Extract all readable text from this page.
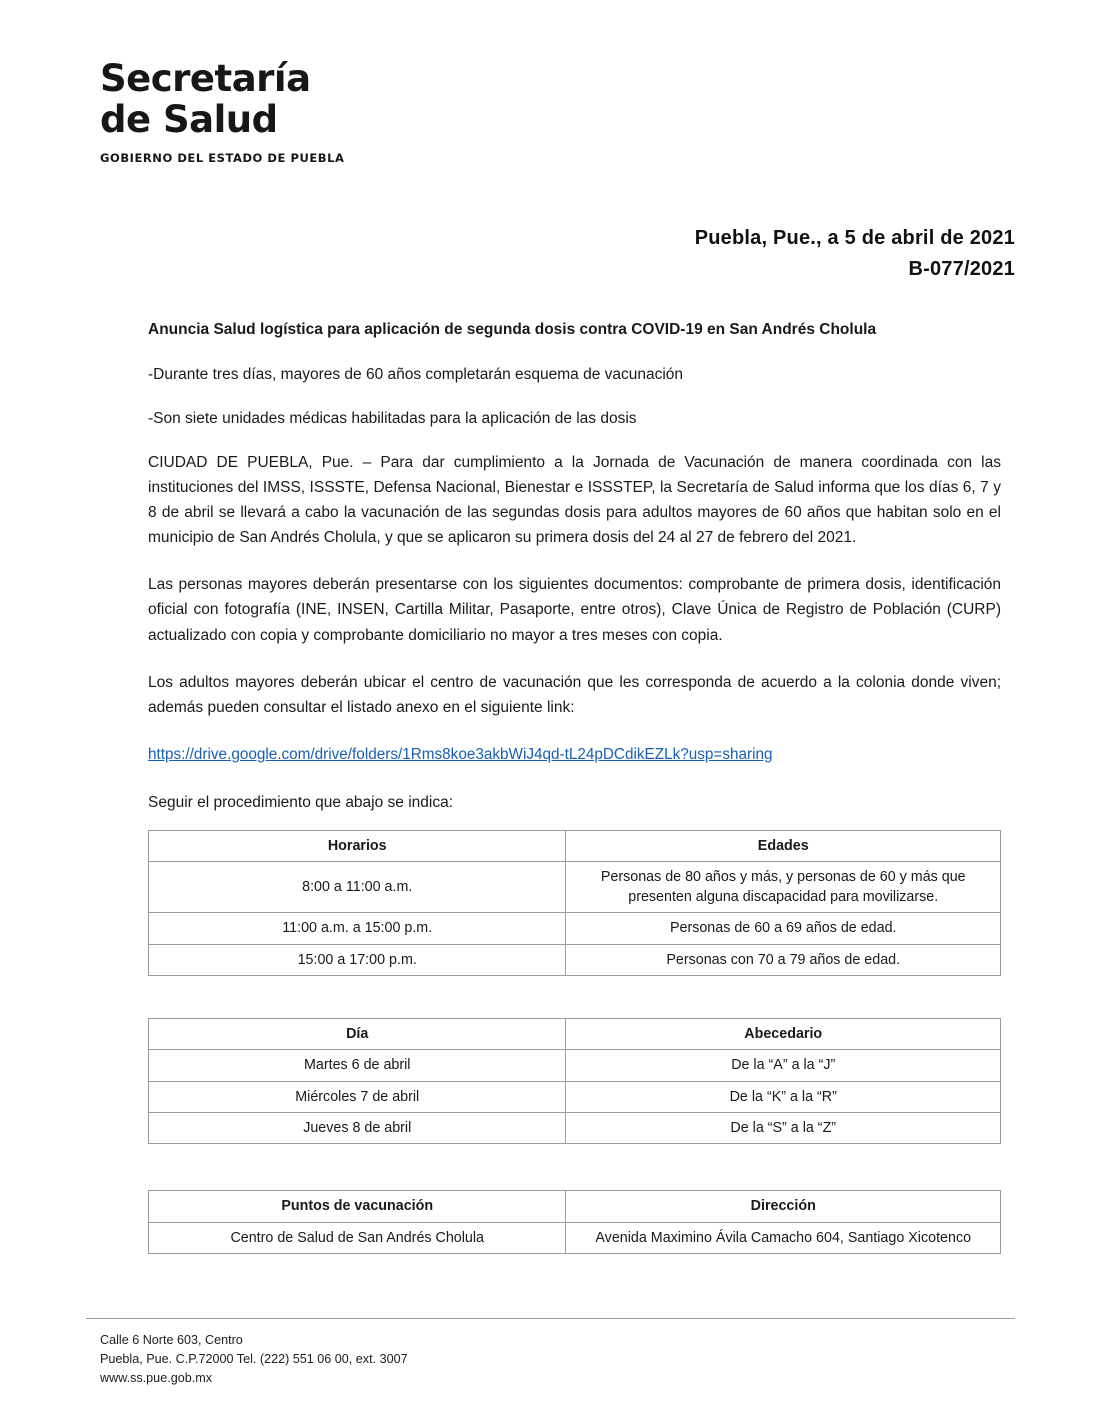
Secretaría
de Salud
GOBIERNO DEL ESTADO DE PUEBLA
Puebla, Pue., a 5 de abril de 2021
B-077/2021
Anuncia Salud logística para aplicación de segunda dosis contra COVID-19 en San Andrés Cholula
-Durante tres días, mayores de 60 años completarán esquema de vacunación
-Son siete unidades médicas habilitadas para la aplicación de las dosis

CIUDAD DE PUEBLA, Pue. – Para dar cumplimiento a la Jornada de Vacunación de manera coordinada con las instituciones del IMSS, ISSSTE, Defensa Nacional, Bienestar e ISSSTEP, la Secretaría de Salud informa que los días 6, 7 y 8 de abril se llevará a cabo la vacunación de las segundas dosis para adultos mayores de 60 años que habitan solo en el municipio de San Andrés Cholula, y que se aplicaron su primera dosis del 24 al 27 de febrero del 2021.

Las personas mayores deberán presentarse con los siguientes documentos: comprobante de primera dosis, identificación oficial con fotografía (INE, INSEN, Cartilla Militar, Pasaporte, entre otros), Clave Única de Registro de Población (CURP) actualizado con copia y comprobante domiciliario no mayor a tres meses con copia.

Los adultos mayores deberán ubicar el centro de vacunación que les corresponda de acuerdo a la colonia donde viven; además pueden consultar el listado anexo en el siguiente link:

https://drive.google.com/drive/folders/1Rms8koe3akbWiJ4qd-tL24pDCdikEZLk?usp=sharing

Seguir el procedimiento que abajo se indica:
Horarios	Edades
8:00 a 11:00 a.m.	Personas de 80 años y más, y personas de 60 y más que presenten alguna discapacidad para movilizarse.
11:00 a.m. a 15:00 p.m.	Personas de 60 a 69 años de edad.
15:00 a 17:00 p.m.	Personas con 70 a 79 años de edad.
Día	Abecedario
Martes 6 de abril	De la “A” a la “J”
Miércoles 7 de abril	De la “K” a la “R”
Jueves 8 de abril	De la “S” a la “Z”
Puntos de vacunación	Dirección
Centro de Salud de San Andrés Cholula	Avenida Maximino Ávila Camacho 604, Santiago Xicotenco
Calle 6 Norte 603, Centro
Puebla, Pue. C.P.72000 Tel. (222) 551 06 00, ext. 3007
www.ss.pue.gob.mx
